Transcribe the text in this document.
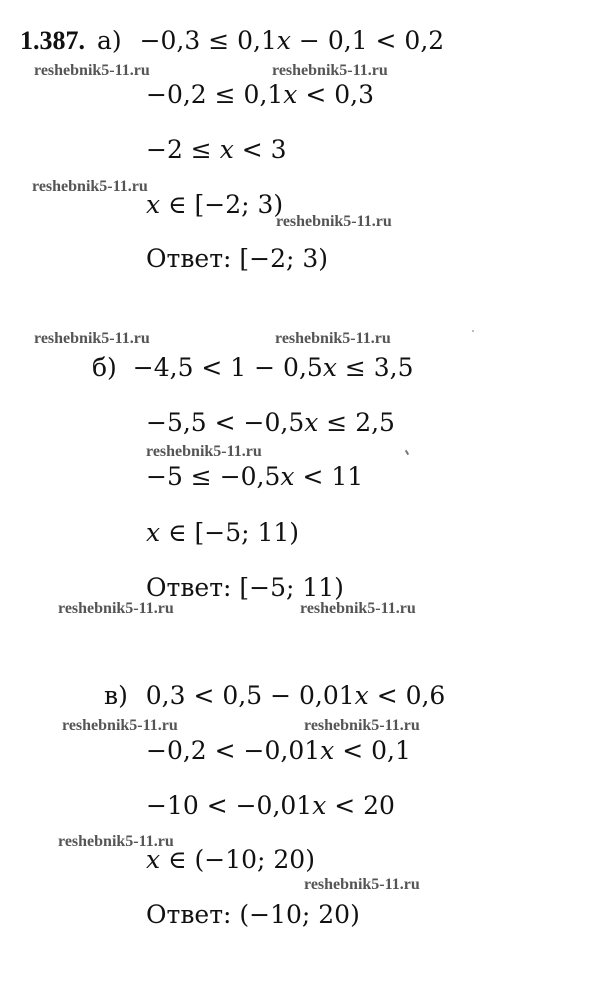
1.387. а) −0,3 ≤ 0,1𝑥 − 0,1 < 0,2
−0,2 ≤ 0,1𝑥 < 0,3
−2 ≤ 𝑥 < 3
𝑥 ∈ [−2; 3)
Ответ: [−2; 3)
б) −4,5 < 1 − 0,5𝑥 ≤ 3,5
−5,5 < −0,5𝑥 ≤ 2,5
−5 ≤ −0,5𝑥 < 11
𝑥 ∈ [−5; 11)
Ответ: [−5; 11)
в) 0,3 < 0,5 − 0,01𝑥 < 0,6
−0,2 < −0,01𝑥 < 0,1
−10 < −0,01𝑥 < 20
𝑥 ∈ (−10; 20)
Ответ: (−10; 20)
reshebnik5-11.ru	reshebnik5-11.ru
reshebnik5-11.ru
reshebnik5-11.ru
reshebnik5-11.ru	reshebnik5-11.ru
reshebnik5-11.ru
reshebnik5-11.ru	reshebnik5-11.ru
reshebnik5-11.ru	reshebnik5-11.ru
reshebnik5-11.ru
reshebnik5-11.ru
